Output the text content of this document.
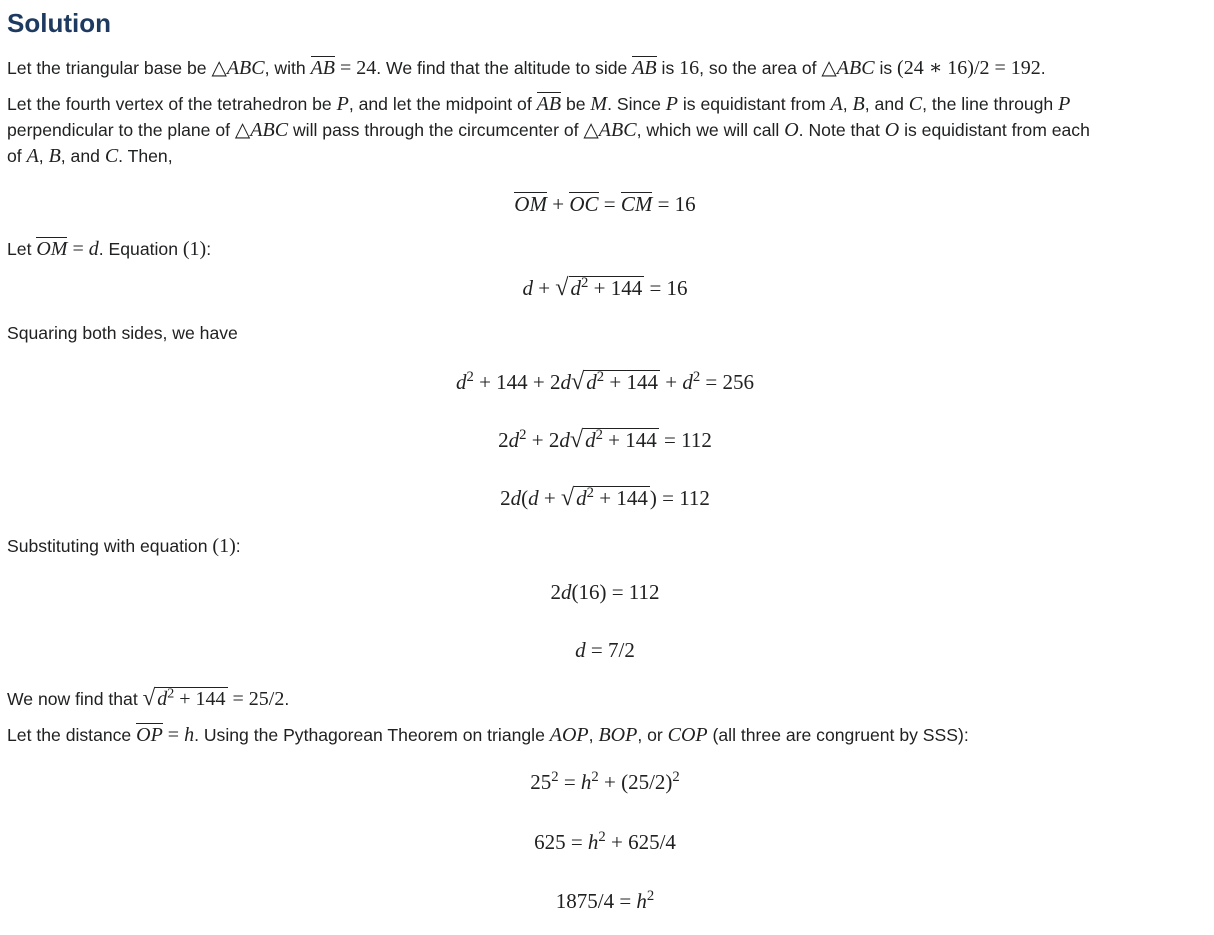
Solution

Let the triangular base be △ABC, with AB = 24. We find that the altitude to side AB is 16, so the area of △ABC is (24 ∗ 16)/2 = 192.

Let the fourth vertex of the tetrahedron be P, and let the midpoint of AB be M. Since P is equidistant from A, B, and C, the line through P

perpendicular to the plane of △ABC will pass through the circumcenter of △ABC, which we will call O. Note that O is equidistant from each

of A, B, and C. Then,

OM + OC = CM = 16

Let OM = d. Equation (1):

$d + √d^2 + 144 = 16$

Squaring both sides, we have

$d^2 + 144 + 2d√d^2 + 144 + d^2 = 256$
$2d^2 + 2d√d^2 + 144 = 112$
$2d(d + √d^2 + 144) = 112$

Substituting with equation (1):

2d(16) = 112
d = 7/2

We now find that √ $d^2 + 144 = 25/2$.

Let the distance OP = h. Using the Pythagorean Theorem on triangle AOP, BOP, or COP (all three are congruent by SSS):

$25^2 = h^2 + (25/2)^2$
$625 = h^2 + 625/4$
$1875/4 = h^2$
